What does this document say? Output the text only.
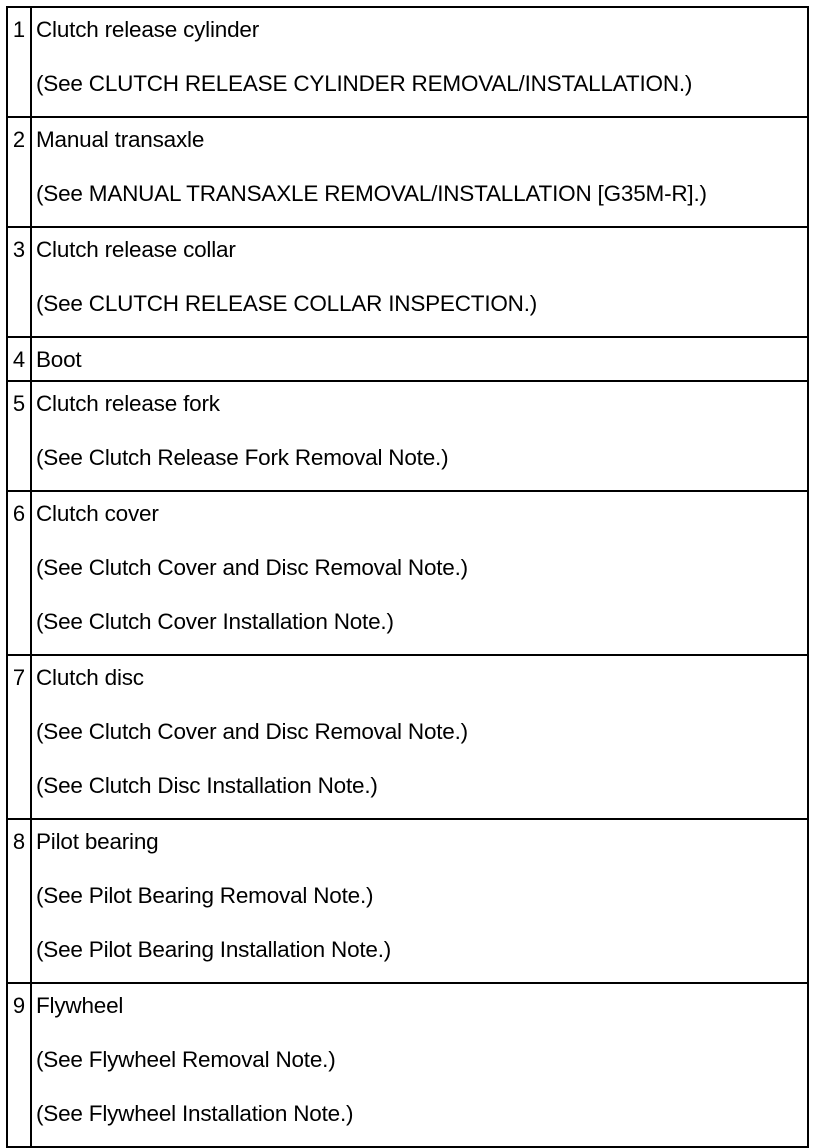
1 Clutch release cylinder
(See CLUTCH RELEASE CYLINDER REMOVAL/INSTALLATION.)
2 Manual transaxle
(See MANUAL TRANSAXLE REMOVAL/INSTALLATION [G35M-R].)
3 Clutch release collar
(See CLUTCH RELEASE COLLAR INSPECTION.)
4 Boot
5 Clutch release fork
(See Clutch Release Fork Removal Note.)
6 Clutch cover
(See Clutch Cover and Disc Removal Note.)
(See Clutch Cover Installation Note.)
7 Clutch disc
(See Clutch Cover and Disc Removal Note.)
(See Clutch Disc Installation Note.)
8 Pilot bearing
(See Pilot Bearing Removal Note.)
(See Pilot Bearing Installation Note.)
9 Flywheel
(See Flywheel Removal Note.)
(See Flywheel Installation Note.)
